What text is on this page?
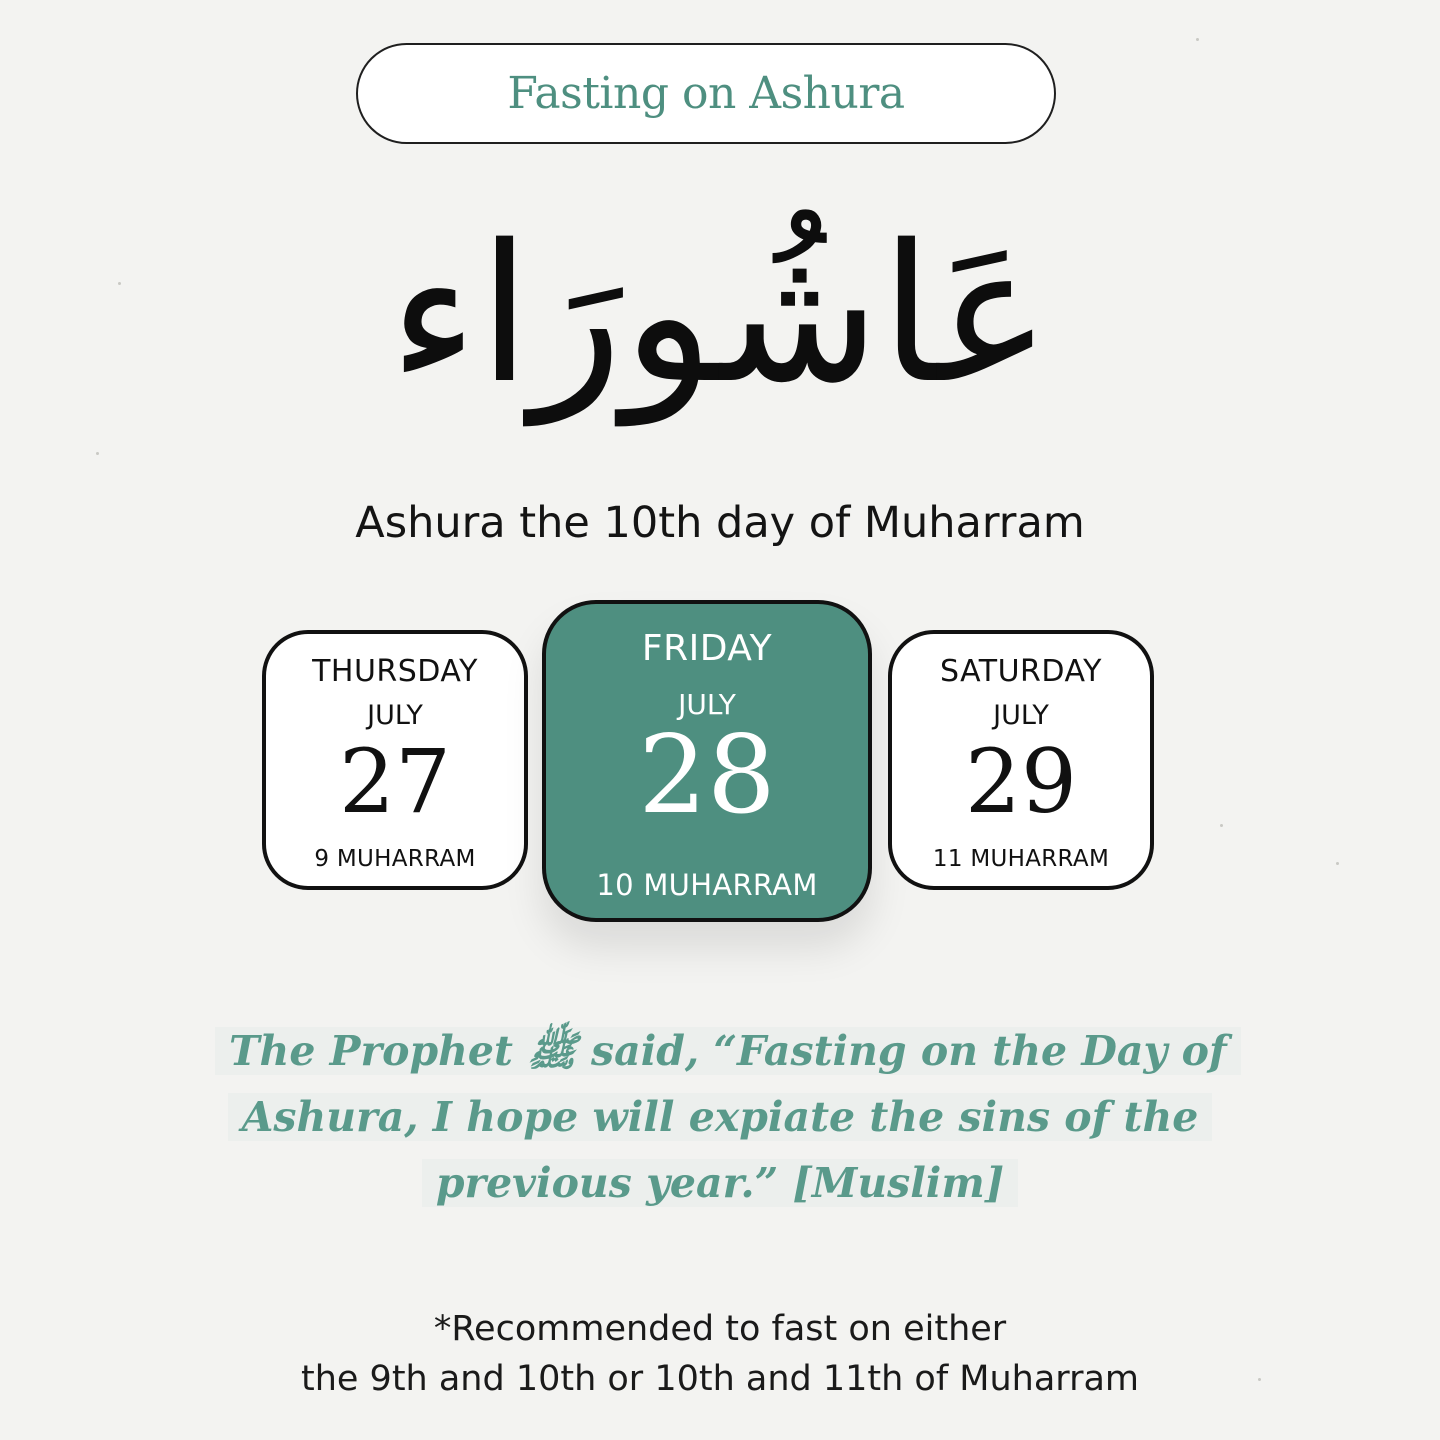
Fasting on Ashura
عَاشُورَاء
Ashura the 10th day of Muharram
THURSDAY
JULY
27
9 MUHARRAM
FRIDAY
JULY
28
10 MUHARRAM
SATURDAY
JULY
29
11 MUHARRAM
The Prophet ﷺ said, “Fasting on the Day of
Ashura, I hope will expiate the sins of the
previous year.” [Muslim]
*Recommended to fast on either
the 9th and 10th or 10th and 11th of Muharram
